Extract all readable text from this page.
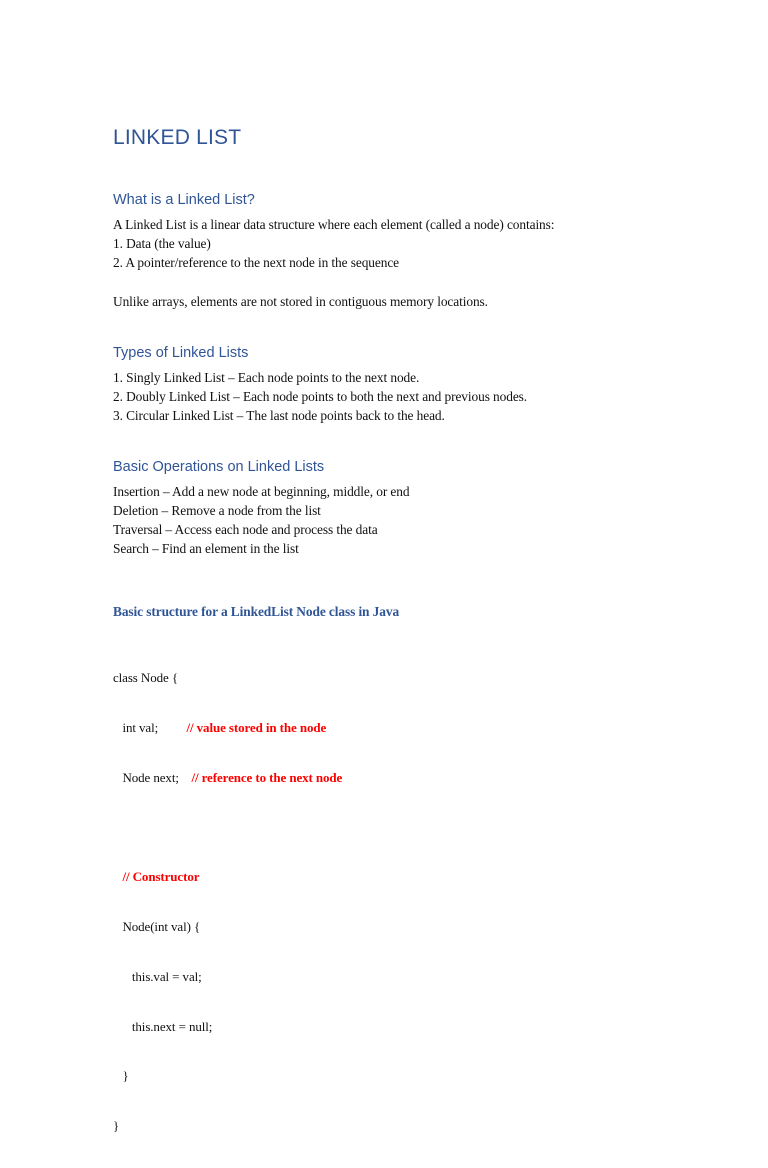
LINKED LIST
What is a Linked List?

A Linked List is a linear data structure where each element (called a node) contains:

1. Data (the value)

2. A pointer/reference to the next node in the sequence

Unlike arrays, elements are not stored in contiguous memory locations.

Types of Linked Lists

1. Singly Linked List – Each node points to the next node.

2. Doubly Linked List – Each node points to both the next and previous nodes.

3. Circular Linked List – The last node points back to the head.

Basic Operations on Linked Lists

Insertion – Add a new node at beginning, middle, or end

Deletion – Remove a node from the list

Traversal – Access each node and process the data

Search – Find an element in the list

Basic structure for a LinkedList Node class in Java

class Node {

int val;         // value stored in the node

Node next;    // reference to the next node

// Constructor

Node(int val) {

this.val = val;

this.next = null;

}

}
